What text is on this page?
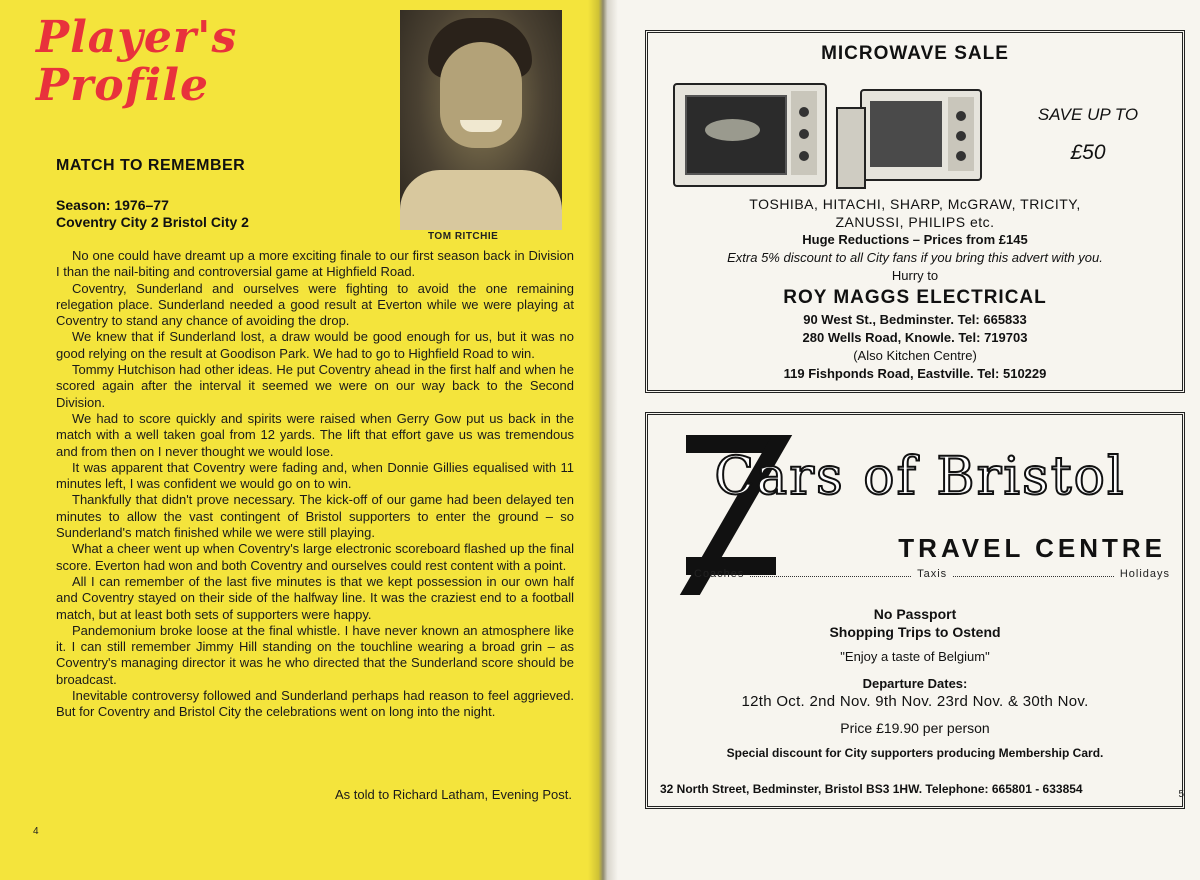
Player's
Profile
TOM RITCHIE
MATCH TO REMEMBER
Season: 1976–77
Coventry City 2 Bristol City 2

No one could have dreamt up a more exciting finale to our first season back in Division I than the nail-biting and controversial game at Highfield Road.

Coventry, Sunderland and ourselves were fighting to avoid the one remaining relegation place. Sunderland needed a good result at Everton while we were playing at Coventry to stand any chance of avoiding the drop.

We knew that if Sunderland lost, a draw would be good enough for us, but it was no good relying on the result at Goodison Park. We had to go to Highfield Road to win.

Tommy Hutchison had other ideas. He put Coventry ahead in the first half and when he scored again after the interval it seemed we were on our way back to the Second Division.

We had to score quickly and spirits were raised when Gerry Gow put us back in the match with a well taken goal from 12 yards. The lift that effort gave us was tremendous and from then on I never thought we would lose.

It was apparent that Coventry were fading and, when Donnie Gillies equalised with 11 minutes left, I was confident we would go on to win.

Thankfully that didn't prove necessary. The kick-off of our game had been delayed ten minutes to allow the vast contingent of Bristol supporters to enter the ground – so Sunderland's match finished while we were still playing.

What a cheer went up when Coventry's large electronic scoreboard flashed up the final score. Everton had won and both Coventry and ourselves could rest content with a point.

All I can remember of the last five minutes is that we kept possession in our own half and Coventry stayed on their side of the halfway line. It was the craziest end to a football match, but at least both sets of supporters were happy.

Pandemonium broke loose at the final whistle. I have never known an atmosphere like it. I can still remember Jimmy Hill standing on the touchline wearing a broad grin – as Coventry's managing director it was he who directed that the Sunderland score should be broadcast.

Inevitable controversy followed and Sunderland perhaps had reason to feel aggrieved. But for Coventry and Bristol City the celebrations went on long into the night.

As told to Richard Latham, Evening Post.
4
MICROWAVE SALE
SAVE UP TO
£50
TOSHIBA, HITACHI, SHARP, McGRAW, TRICITY,
ZANUSSI, PHILIPS etc.
Huge Reductions – Prices from £145
Extra 5% discount to all City fans if you bring this advert with you.
Hurry to
ROY MAGGS ELECTRICAL
90 West St., Bedminster. Tel: 665833
280 Wells Road, Knowle. Tel: 719703
(Also Kitchen Centre)
119 Fishponds Road, Eastville. Tel: 510229
Cars of Bristol
TRAVEL CENTRE
Coaches	Taxis	Holidays
No Passport
Shopping Trips to Ostend
"Enjoy a taste of Belgium"
Departure Dates:
12th Oct. 2nd Nov. 9th Nov. 23rd Nov. & 30th Nov.
Price £19.90 per person
Special discount for City supporters producing Membership Card.
32 North Street, Bedminster, Bristol BS3 1HW. Telephone: 665801 - 633854	5
